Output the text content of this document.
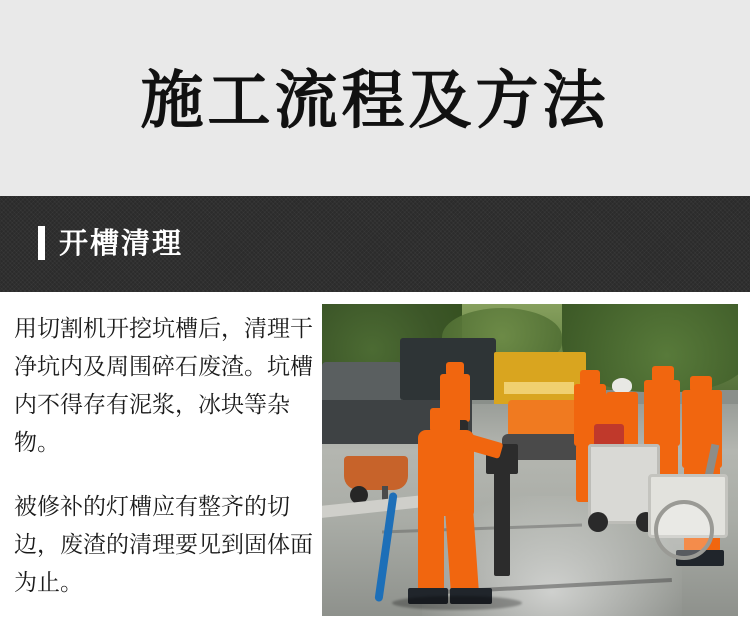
施工流程及方法
开槽清理

用切割机开挖坑槽后，清理干净坑内及周围碎石废渣。坑槽内不得存有泥浆，冰块等杂物。

被修补的灯槽应有整齐的切边，废渣的清理要见到固体面为止。
